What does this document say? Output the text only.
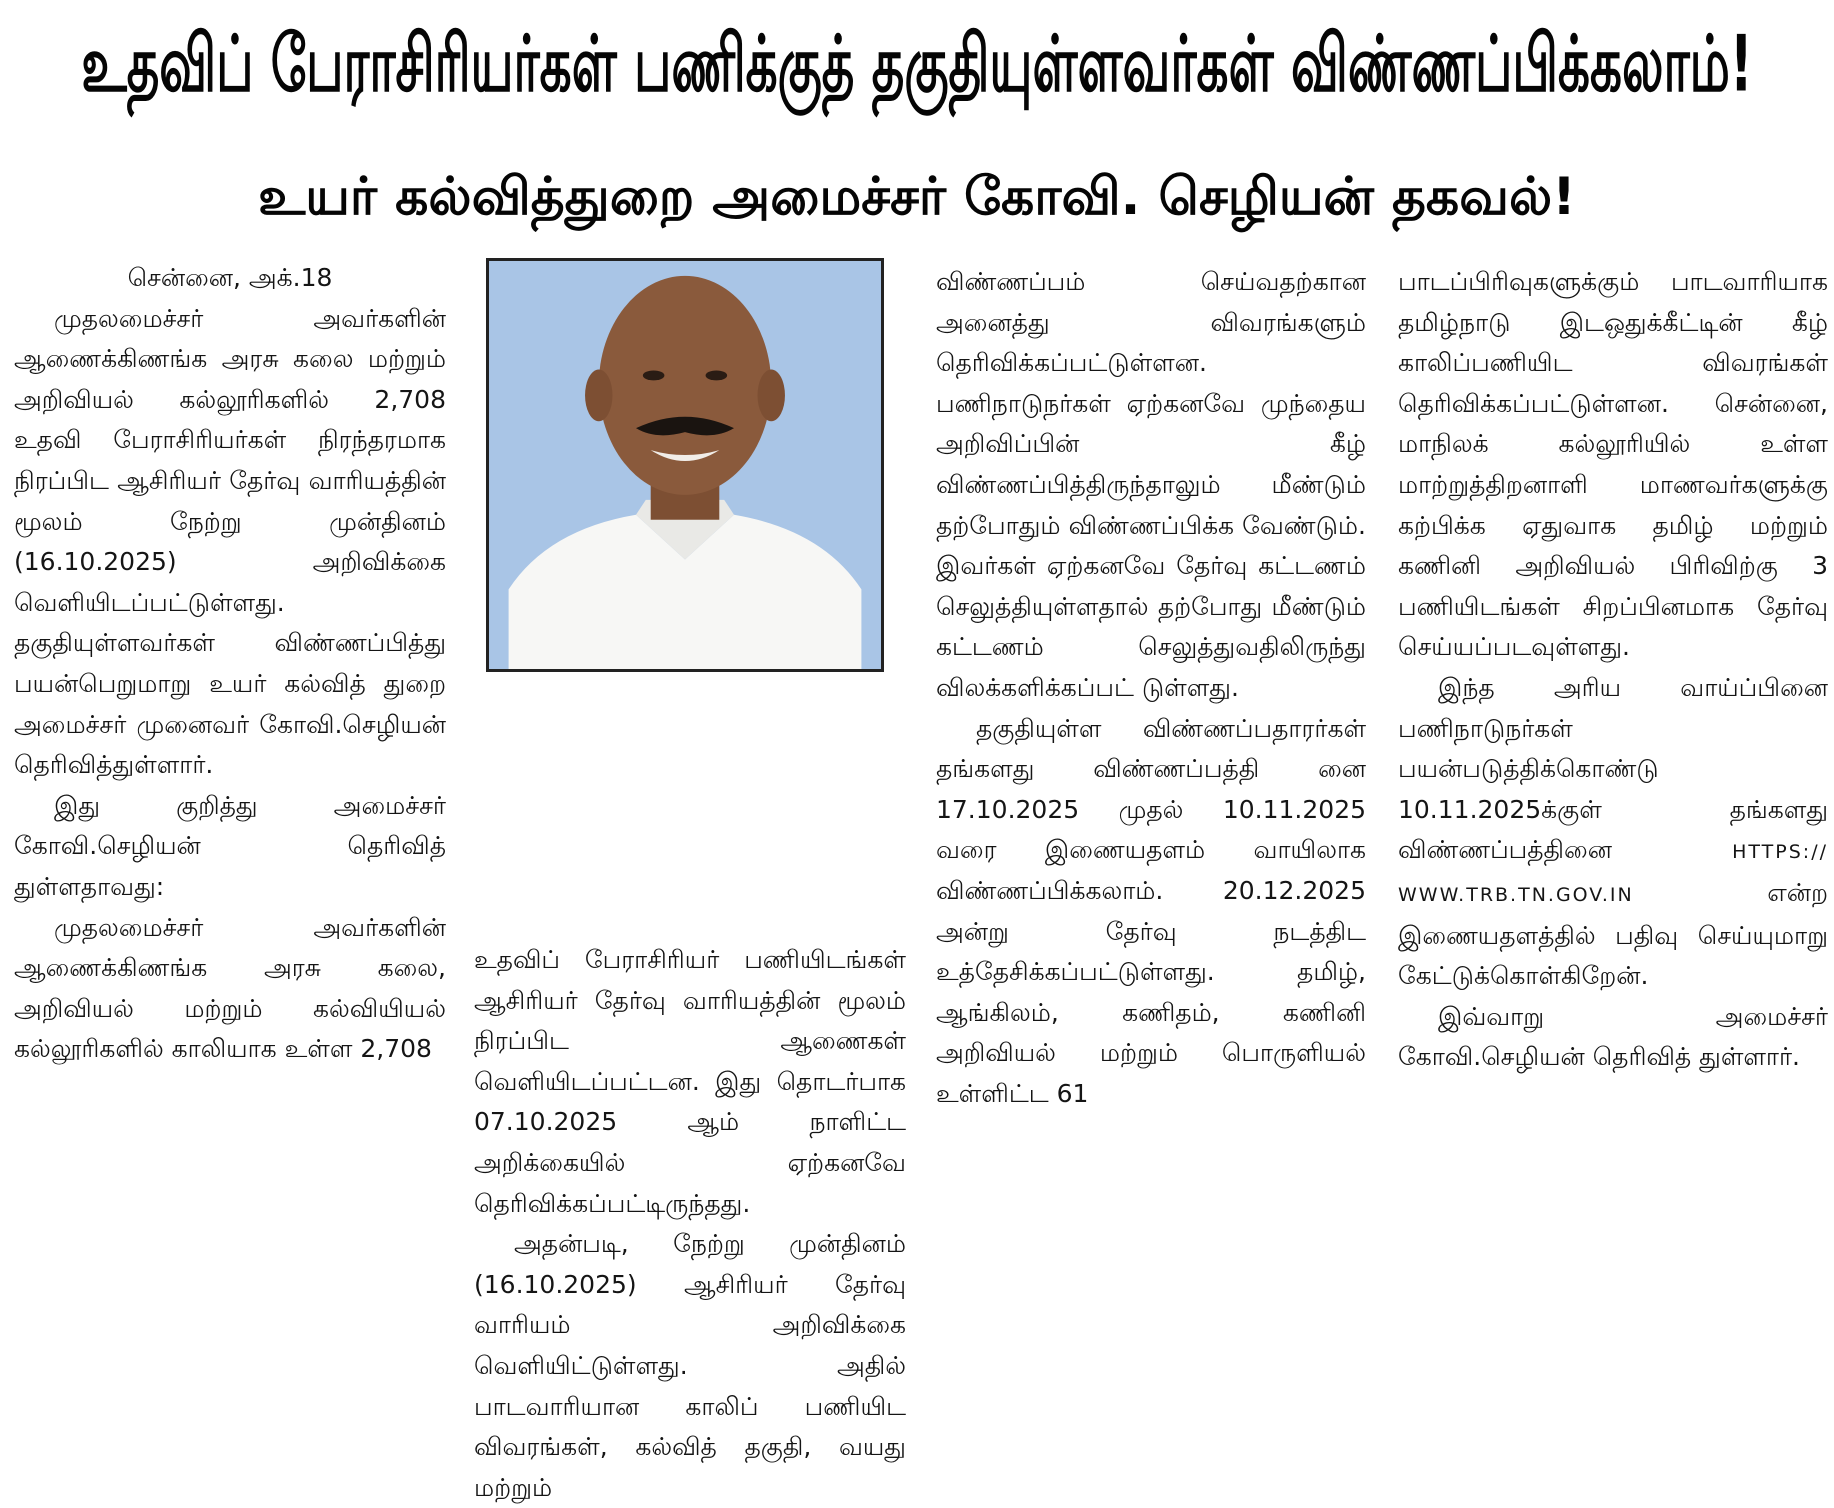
உதவிப் பேராசிரியர்கள் பணிக்குத் தகுதியுள்ளவர்கள் விண்ணப்பிக்கலாம்!
உயர் கல்வித்துறை அமைச்சர் கோவி. செழியன் தகவல்!

சென்னை, அக்.18

முதலமைச்சர் அவர்களின் ஆணைக்கிணங்க அரசு கலை மற்றும் அறிவியல் கல்லூரிகளில் 2,708 உதவி பேராசிரியர்கள் நிரந்தரமாக நிரப்பிட ஆசிரியர் தேர்வு வாரியத்தின் மூலம் நேற்று முன்தினம் (16.10.2025) அறிவிக்கை வெளியிடப்பட்டுள்ளது. தகுதியுள்ளவர்கள் விண்ணப்பித்து பயன்பெறுமாறு உயர் கல்வித் துறை அமைச்சர் முனைவர் கோவி.செழியன் தெரிவித்துள்ளார்.

இது குறித்து அமைச்சர் கோவி.செழியன் தெரிவித் துள்ளதாவது:

முதலமைச்சர் அவர்களின் ஆணைக்கிணங்க அரசு கலை, அறிவியல் மற்றும் கல்வியியல் கல்லூரிகளில் காலியாக உள்ள 2,708

உதவிப் பேராசிரியர் பணியிடங்கள் ஆசிரியர் தேர்வு வாரியத்தின் மூலம் நிரப்பிட ஆணைகள் வெளியிடப்பட்டன. இது தொடர்பாக 07.10.2025 ஆம் நாளிட்ட அறிக்கையில் ஏற்கனவே தெரிவிக்கப்பட்டிருந்தது.

அதன்படி, நேற்று முன்தினம் (16.10.2025) ஆசிரியர் தேர்வு வாரியம் அறிவிக்கை வெளியிட்டுள்ளது. அதில் பாடவாரியான காலிப் பணியிட விவரங்கள், கல்வித் தகுதி, வயது மற்றும்

விண்ணப்பம் செய்வதற்கான அனைத்து விவரங்களும் தெரிவிக்கப்பட்டுள்ளன. பணிநாடுநர்கள் ஏற்கனவே முந்தைய அறிவிப்பின் கீழ் விண்ணப்பித்திருந்தாலும் மீண்டும் தற்போதும் விண்ணப்பிக்க வேண்டும். இவர்கள் ஏற்கனவே தேர்வு கட்டணம் செலுத்தியுள்ளதால் தற்போது மீண்டும் கட்டணம் செலுத்துவதிலிருந்து விலக்களிக்கப்பட் டுள்ளது.

தகுதியுள்ள விண்ணப்பதாரர்கள் தங்களது விண்ணப்பத்தி னை 17.10.2025 முதல் 10.11.2025 வரை இணையதளம் வாயிலாக விண்ணப்பிக்கலாம். 20.12.2025 அன்று தேர்வு நடத்திட உத்தேசிக்கப்பட்டுள்ளது. தமிழ், ஆங்கிலம், கணிதம், கணினி அறிவியல் மற்றும் பொருளியல் உள்ளிட்ட 61

பாடப்பிரிவுகளுக்கும் பாடவாரியாக தமிழ்நாடு இடஒதுக்கீட்டின் கீழ் காலிப்பணியிட விவரங்கள் தெரிவிக்கப்பட்டுள்ளன. சென்னை, மாநிலக் கல்லூரியில் உள்ள மாற்றுத்திறனாளி மாணவர்களுக்கு கற்பிக்க ஏதுவாக தமிழ் மற்றும் கணினி அறிவியல் பிரிவிற்கு 3 பணியிடங்கள் சிறப்பினமாக தேர்வு செய்யப்படவுள்ளது.

இந்த அரிய வாய்ப்பினை பணிநாடுநர்கள் பயன்படுத்திக்கொண்டு 10.11.2025க்குள் தங்களது விண்ணப்பத்தினை	HTTPS:// WWW.TRB.TN.GOV.IN	என்ற இணையதளத்தில் பதிவு செய்யுமாறு கேட்டுக்கொள்கிறேன்.

இவ்வாறு அமைச்சர் கோவி.செழியன் தெரிவித் துள்ளார்.
